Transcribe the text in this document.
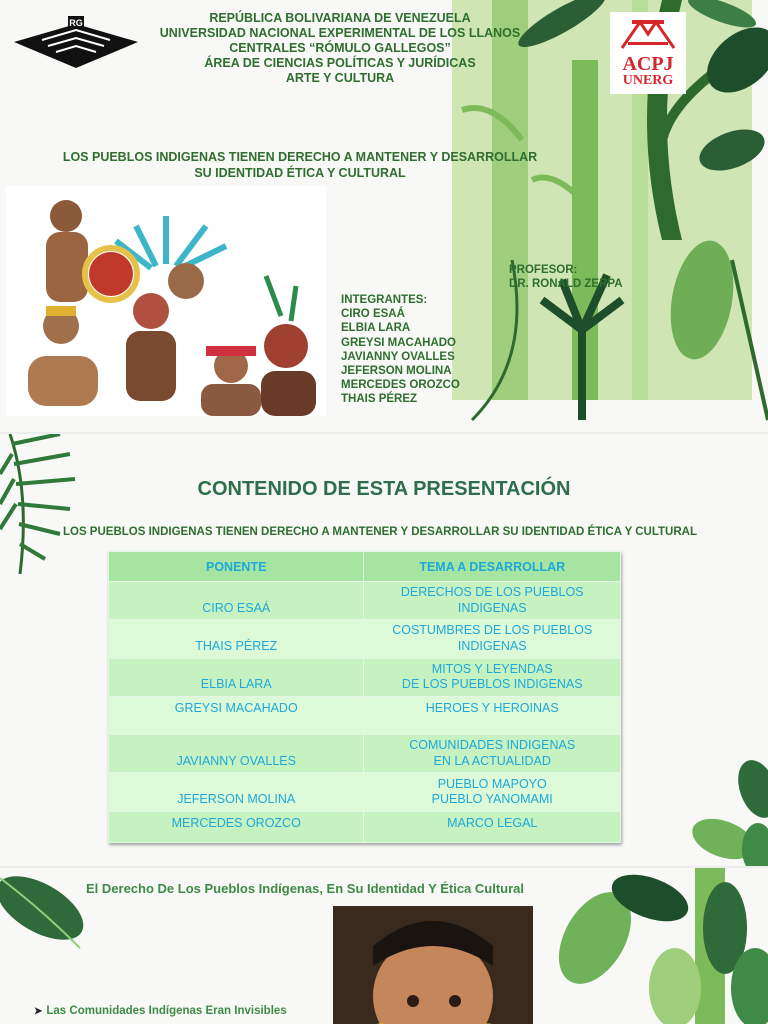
RG
ACPJ
UNERG
REPÚBLICA BOLIVARIANA DE VENEZUELA
UNIVERSIDAD NACIONAL EXPERIMENTAL DE LOS LLANOS
CENTRALES “RÓMULO GALLEGOS”
ÁREA DE CIENCIAS POLÍTICAS Y JURÍDICAS
ARTE Y CULTURA
LOS PUEBLOS INDIGENAS TIENEN DERECHO A MANTENER Y DESARROLLAR
SU IDENTIDAD ÉTICA Y CULTURAL
PROFESOR:
DR. RONALD ZERPA
INTEGRANTES:
CIRO ESAÁ
ELBIA LARA
GREYSI MACAHADO
JAVIANNY OVALLES
JEFERSON MOLINA
MERCEDES OROZCO
THAIS PÉREZ
CONTENIDO DE ESTA PRESENTACIÓN
LOS PUEBLOS INDIGENAS TIENEN DERECHO A MANTENER Y DESARROLLAR SU IDENTIDAD ÉTICA Y CULTURAL
PONENTE	TEMA A DESARROLLAR
CIRO ESAÁ	DERECHOS DE LOS PUEBLOS
INDIGENAS

THAIS PÉREZ	COSTUMBRES DE LOS PUEBLOS
INDIGENAS

ELBIA LARA	MITOS Y LEYENDAS
DE LOS PUEBLOS INDIGENAS

GREYSI MACAHADO	HEROES Y HEROINAS

JAVIANNY OVALLES	COMUNIDADES INDIGENAS
EN LA ACTUALIDAD

JEFERSON MOLINA	PUEBLO MAPOYO
PUEBLO YANOMAMI

MERCEDES OROZCO	MARCO LEGAL
El Derecho De Los Pueblos Indígenas, En Su Identidad Y Ética Cultural
➤ Las Comunidades Indígenas Eran Invisibles
